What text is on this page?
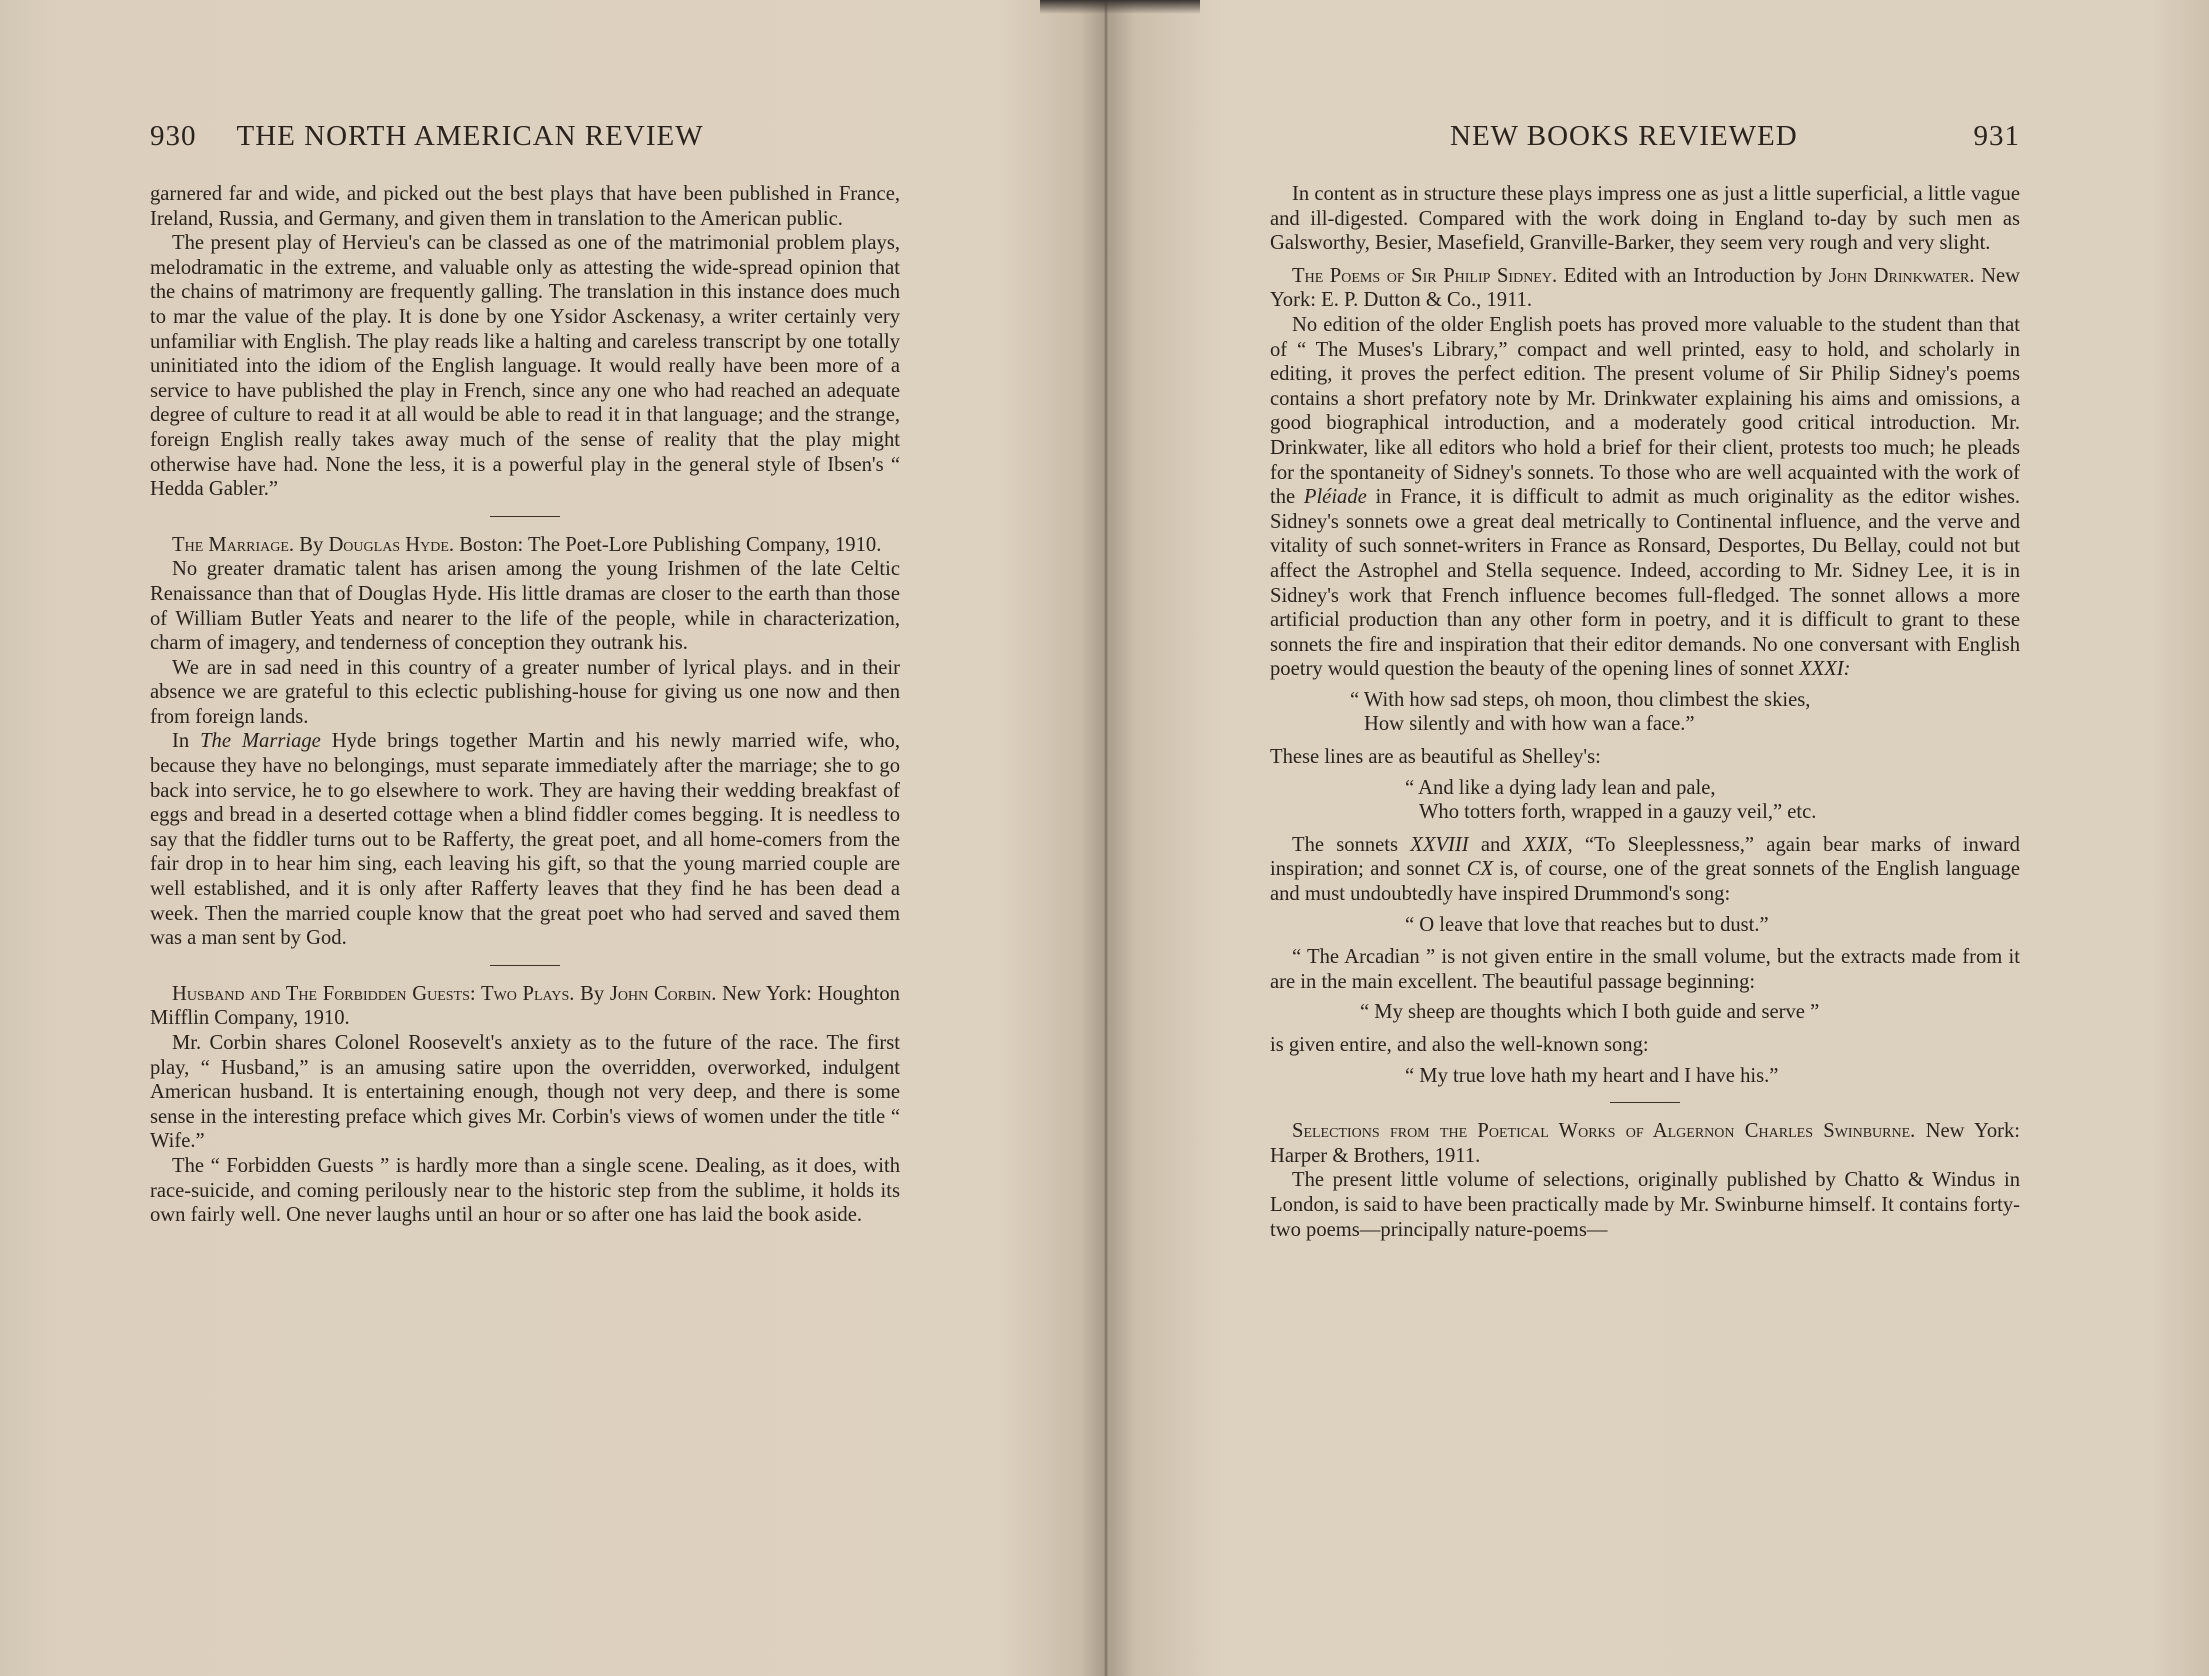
930 THE NORTH AMERICAN REVIEW

garnered far and wide, and picked out the best plays that have been published in France, Ireland, Russia, and Germany, and given them in translation to the American public.

The present play of Hervieu's can be classed as one of the matrimonial problem plays, melodramatic in the extreme, and valuable only as attesting the wide-spread opinion that the chains of matrimony are frequently galling. The translation in this instance does much to mar the value of the play. It is done by one Ysidor Asckenasy, a writer certainly very unfamiliar with English. The play reads like a halting and careless transcript by one totally uninitiated into the idiom of the English language. It would really have been more of a service to have published the play in French, since any one who had reached an adequate degree of culture to read it at all would be able to read it in that language; and the strange, foreign English really takes away much of the sense of reality that the play might otherwise have had. None the less, it is a powerful play in the general style of Ibsen's “ Hedda Gabler.”

The Marriage. By Douglas Hyde. Boston: The Poet-Lore Publishing Company, 1910.

No greater dramatic talent has arisen among the young Irishmen of the late Celtic Renaissance than that of Douglas Hyde. His little dramas are closer to the earth than those of William Butler Yeats and nearer to the life of the people, while in characterization, charm of imagery, and tenderness of conception they outrank his.

We are in sad need in this country of a greater number of lyrical plays. and in their absence we are grateful to this eclectic publishing-house for giving us one now and then from foreign lands.

In The Marriage Hyde brings together Martin and his newly married wife, who, because they have no belongings, must separate immediately after the marriage; she to go back into service, he to go elsewhere to work. They are having their wedding breakfast of eggs and bread in a deserted cottage when a blind fiddler comes begging. It is needless to say that the fiddler turns out to be Rafferty, the great poet, and all home-comers from the fair drop in to hear him sing, each leaving his gift, so that the young married couple are well established, and it is only after Rafferty leaves that they find he has been dead a week. Then the married couple know that the great poet who had served and saved them was a man sent by God.

Husband and The Forbidden Guests: Two Plays. By John Corbin. New York: Houghton Mifflin Company, 1910.

Mr. Corbin shares Colonel Roosevelt's anxiety as to the future of the race. The first play, “ Husband,” is an amusing satire upon the overridden, overworked, indulgent American husband. It is entertaining enough, though not very deep, and there is some sense in the interesting preface which gives Mr. Corbin's views of women under the title “ Wife.”

The “ Forbidden Guests ” is hardly more than a single scene. Dealing, as it does, with race-suicide, and coming perilously near to the historic step from the sublime, it holds its own fairly well. One never laughs until an hour or so after one has laid the book aside.

NEW BOOKS REVIEWED	931

In content as in structure these plays impress one as just a little superficial, a little vague and ill-digested. Compared with the work doing in England to-day by such men as Galsworthy, Besier, Masefield, Granville-Barker, they seem very rough and very slight.

The Poems of Sir Philip Sidney. Edited with an Introduction by John Drinkwater. New York: E. P. Dutton & Co., 1911.

No edition of the older English poets has proved more valuable to the student than that of “ The Muses's Library,” compact and well printed, easy to hold, and scholarly in editing, it proves the perfect edition. The present volume of Sir Philip Sidney's poems contains a short prefatory note by Mr. Drinkwater explaining his aims and omissions, a good biographical introduction, and a moderately good critical introduction. Mr. Drinkwater, like all editors who hold a brief for their client, protests too much; he pleads for the spontaneity of Sidney's sonnets. To those who are well acquainted with the work of the Pléiade in France, it is difficult to admit as much originality as the editor wishes. Sidney's sonnets owe a great deal metrically to Continental influence, and the verve and vitality of such sonnet-writers in France as Ronsard, Desportes, Du Bellay, could not but affect the Astrophel and Stella sequence. Indeed, according to Mr. Sidney Lee, it is in Sidney's work that French influence becomes full-fledged. The sonnet allows a more artificial production than any other form in poetry, and it is difficult to grant to these sonnets the fire and inspiration that their editor demands. No one conversant with English poetry would question the beauty of the opening lines of sonnet XXXI:

“ With how sad steps, oh moon, thou climbest the skies,
How silently and with how wan a face.”

These lines are as beautiful as Shelley's:

“ And like a dying lady lean and pale,
Who totters forth, wrapped in a gauzy veil,” etc.

The sonnets XXVIII and XXIX, “To Sleeplessness,” again bear marks of inward inspiration; and sonnet CX is, of course, one of the great sonnets of the English language and must undoubtedly have inspired Drummond's song:

“ O leave that love that reaches but to dust.”

“ The Arcadian ” is not given entire in the small volume, but the extracts made from it are in the main excellent. The beautiful passage beginning:

“ My sheep are thoughts which I both guide and serve ”

is given entire, and also the well-known song:

“ My true love hath my heart and I have his.”

Selections from the Poetical Works of Algernon Charles Swinburne. New York: Harper & Brothers, 1911.

The present little volume of selections, originally published by Chatto & Windus in London, is said to have been practically made by Mr. Swinburne himself. It contains forty-two poems—principally nature-poems—
